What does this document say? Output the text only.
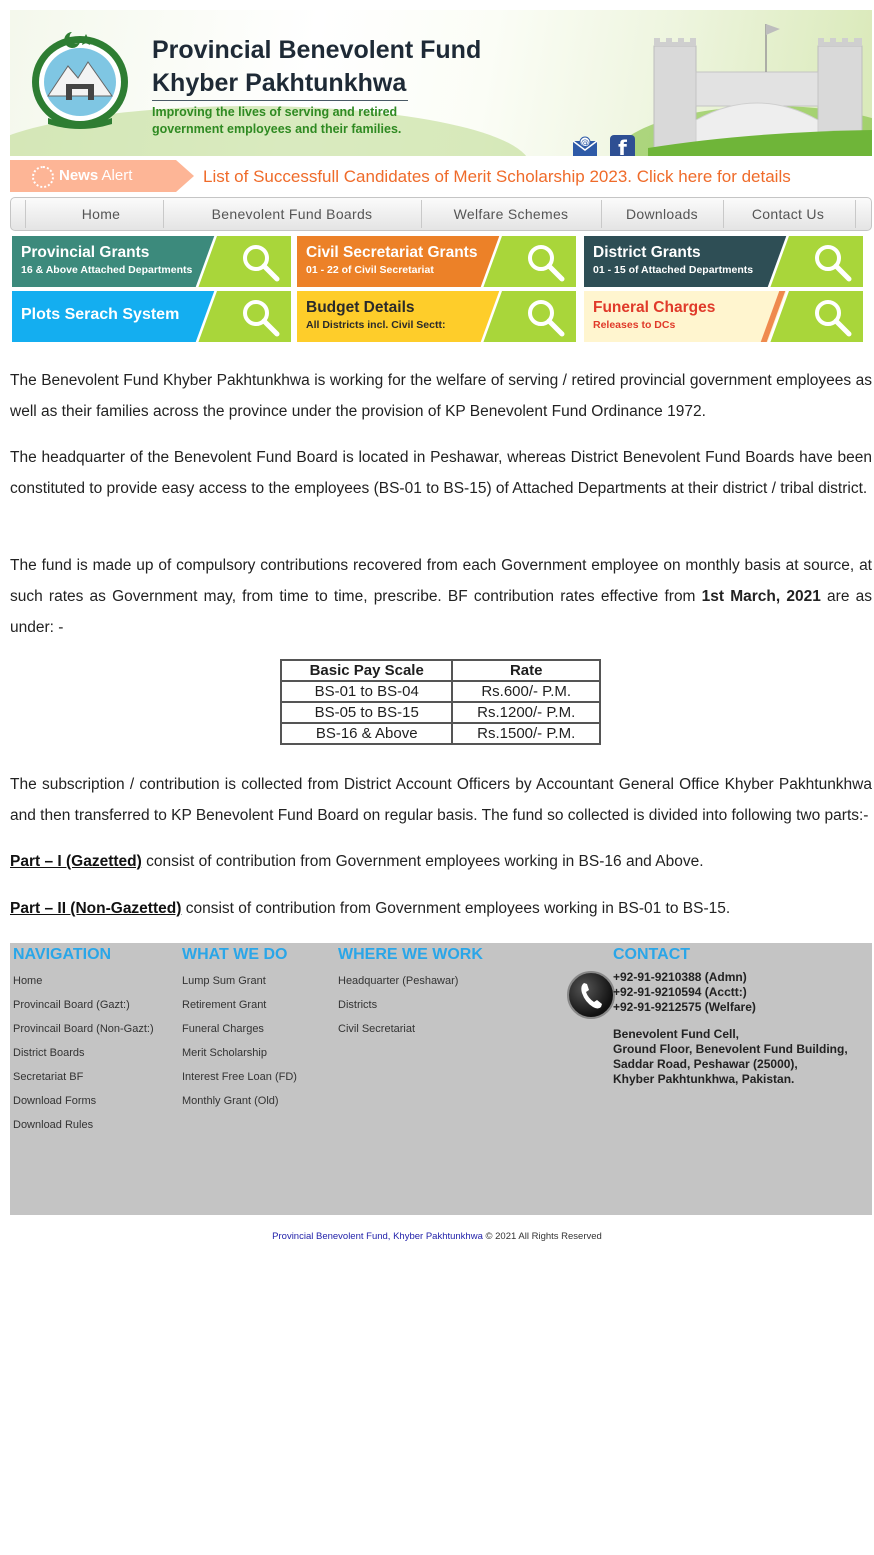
Provincial Benevolent Fund
Khyber Pakhtunkhwa
Improving the lives of serving and retired
government employees and their families.
@	f
News Alert	List of Successfull Candidates of Merit Scholarship 2023. Click here for details
Home	Benevolent Fund Boards	Welfare Schemes	Downloads	Contact Us
Provincial Grants
16 & Above Attached Departments
Civil Secretariat Grants
01 - 22 of Civil Secretariat
District Grants
01 - 15 of Attached Departments
Plots Serach System	Budget Details
All Districts incl. Civil Sectt:
Funeral Charges
Releases to DCs
The Benevolent Fund Khyber Pakhtunkhwa is working for the welfare of serving / retired provincial government employees as well as their families across the province under the provision of KP Benevolent Fund Ordinance 1972.
The headquarter of the Benevolent Fund Board is located in Peshawar, whereas District Benevolent Fund Boards have been constituted to provide easy access to the employees (BS-01 to BS-15) of Attached Departments at their district / tribal district.
The fund is made up of compulsory contributions recovered from each Government employee on monthly basis at source, at such rates as Government may, from time to time, prescribe. BF contribution rates effective from 1st March, 2021 are as under: -
Basic Pay Scale	Rate
BS-01 to BS-04	Rs.600/- P.M.
BS-05 to BS-15	Rs.1200/- P.M.
BS-16 & Above	Rs.1500/- P.M.
The subscription / contribution is collected from District Account Officers by Accountant General Office Khyber Pakhtunkhwa and then transferred to KP Benevolent Fund Board on regular basis. The fund so collected is divided into following two parts:-
Part – I (Gazetted) consist of contribution from Government employees working in BS-16 and Above.
Part – II (Non-Gazetted) consist of contribution from Government employees working in BS-01 to BS-15.
NAVIGATION
Home
Provincail Board (Gazt:)
Provincail Board (Non-Gazt:)
District Boards
Secretariat BF
Download Forms
Download Rules
WHAT WE DO
Lump Sum Grant
Retirement Grant
Funeral Charges
Merit Scholarship
Interest Free Loan (FD)
Monthly Grant (Old)
WHERE WE WORK
Headquarter (Peshawar)
Districts
Civil Secretariat
CONTACT
+92-91-9210388 (Admn)
+92-91-9210594 (Acctt:)
+92-91-9212575 (Welfare)
Benevolent Fund Cell,
Ground Floor, Benevolent Fund Building,
Saddar Road, Peshawar (25000),
Khyber Pakhtunkhwa, Pakistan.
Provincial Benevolent Fund, Khyber Pakhtunkhwa © 2021 All Rights Reserved
